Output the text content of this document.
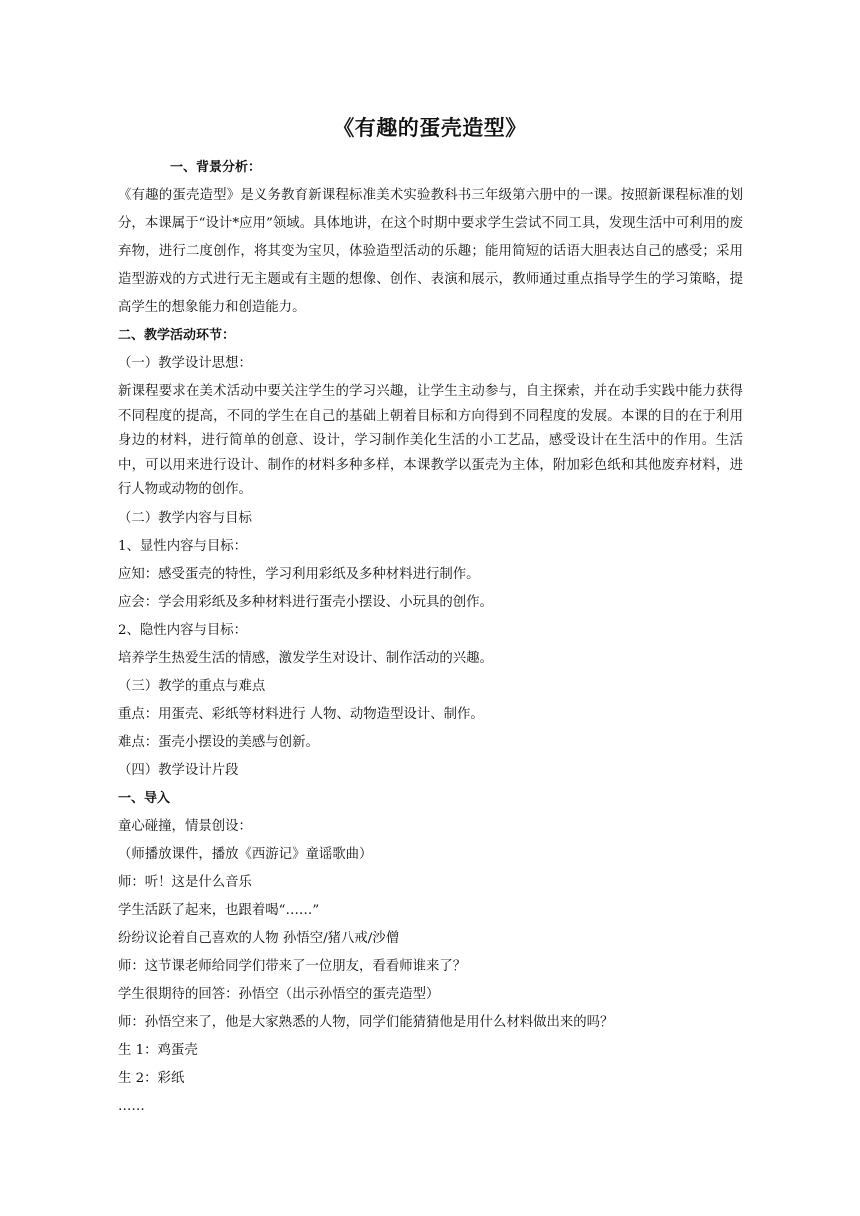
《有趣的蛋壳造型》

一、背景分析：

《有趣的蛋壳造型》是义务教育新课程标准美术实验教科书三年级第六册中的一课。按照新课程标准的划分，本课属于“设计*应用”领域。具体地讲，在这个时期中要求学生尝试不同工具，发现生活中可利用的废弃物，进行二度创作，将其变为宝贝，体验造型活动的乐趣；能用简短的话语大胆表达自己的感受；采用造型游戏的方式进行无主题或有主题的想像、创作、表演和展示，教师通过重点指导学生的学习策略，提高学生的想象能力和创造能力。

二、教学活动环节：

（一）教学设计思想：

新课程要求在美术活动中要关注学生的学习兴趣，让学生主动参与，自主探索，并在动手实践中能力获得不同程度的提高，不同的学生在自己的基础上朝着目标和方向得到不同程度的发展。本课的目的在于利用身边的材料，进行简单的创意、设计，学习制作美化生活的小工艺品，感受设计在生活中的作用。生活中，可以用来进行设计、制作的材料多种多样，本课教学以蛋壳为主体，附加彩色纸和其他废弃材料，进行人物或动物的创作。

（二）教学内容与目标

1、显性内容与目标：

应知：感受蛋壳的特性，学习利用彩纸及多种材料进行制作。

应会：学会用彩纸及多种材料进行蛋壳小摆设、小玩具的创作。

2、隐性内容与目标：

培养学生热爱生活的情感，激发学生对设计、制作活动的兴趣。

（三）教学的重点与难点

重点：用蛋壳、彩纸等材料进行 人物、动物造型设计、制作。

难点：蛋壳小摆设的美感与创新。

（四）教学设计片段

一、导入

童心碰撞，情景创设：

（师播放课件，播放《西游记》童谣歌曲）

师：听！这是什么音乐

学生活跃了起来，也跟着喝“……”

纷纷议论着自己喜欢的人物 孙悟空/猪八戒/沙僧

师：这节课老师给同学们带来了一位朋友，看看师谁来了？

学生很期待的回答：孙悟空（出示孙悟空的蛋壳造型）

师：孙悟空来了，他是大家熟悉的人物，同学们能猜猜他是用什么材料做出来的吗？

生 1：鸡蛋壳

生 2：彩纸

……
